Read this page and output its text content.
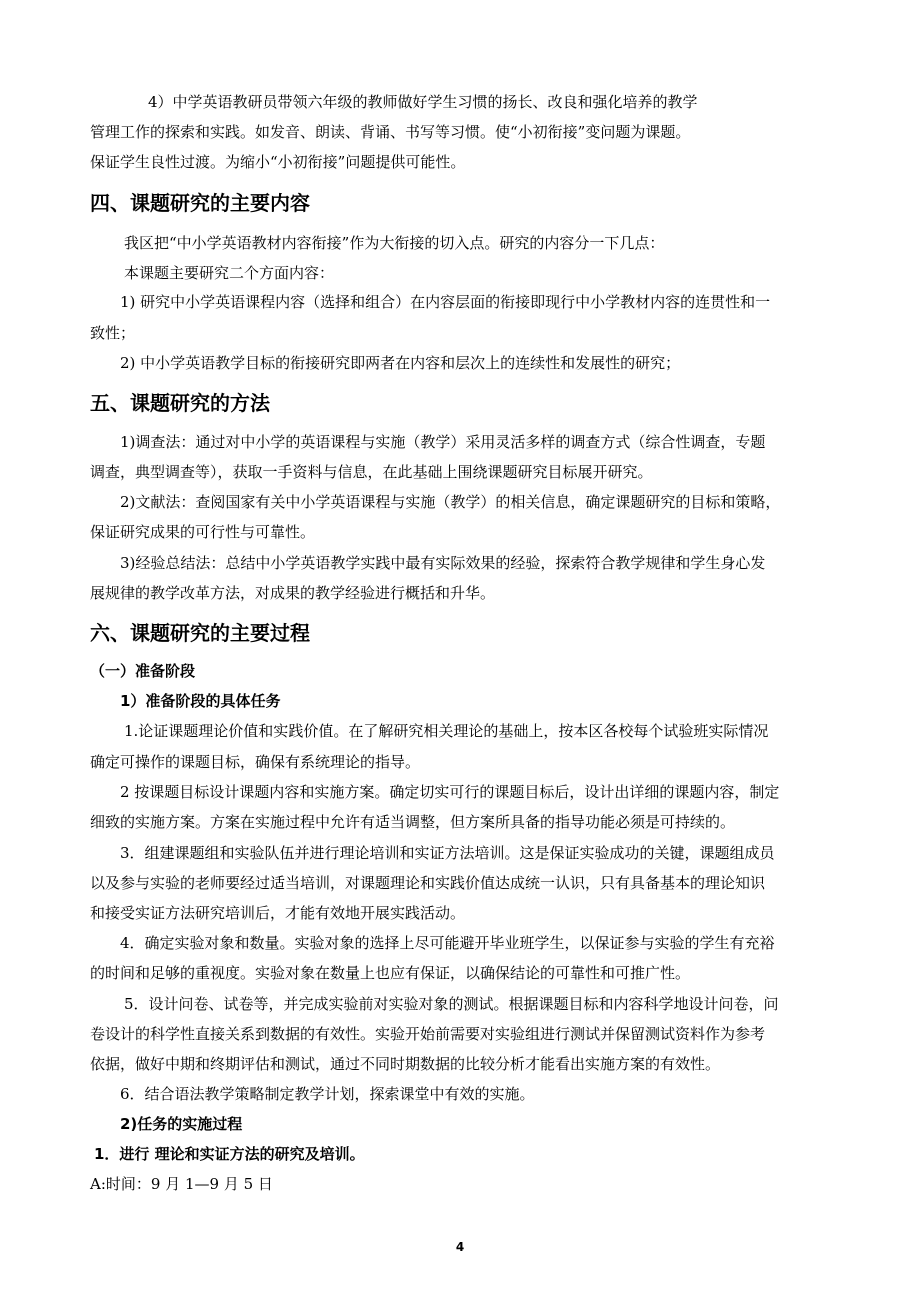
4）中学英语教研员带领六年级的教师做好学生习惯的扬长、改良和强化培养的教学
管理工作的探索和实践。如发音、朗读、背诵、书写等习惯。使“小初衔接”变问题为课题。
保证学生良性过渡。为缩小“小初衔接”问题提供可能性。
四、课题研究的主要内容
我区把“中小学英语教材内容衔接”作为大衔接的切入点。研究的内容分一下几点：
本课题主要研究二个方面内容：
1) 研究中小学英语课程内容（选择和组合）在内容层面的衔接即现行中小学教材内容的连贯性和一
致性；
2) 中小学英语教学目标的衔接研究即两者在内容和层次上的连续性和发展性的研究；
五、课题研究的方法
1)调查法：通过对中小学的英语课程与实施（教学）采用灵活多样的调查方式（综合性调查，专题
调查，典型调查等），获取一手资料与信息，在此基础上围绕课题研究目标展开研究。
2)文献法：查阅国家有关中小学英语课程与实施（教学）的相关信息，确定课题研究的目标和策略，
保证研究成果的可行性与可靠性。
3)经验总结法：总结中小学英语教学实践中最有实际效果的经验，探索符合教学规律和学生身心发
展规律的教学改革方法，对成果的教学经验进行概括和升华。
六、课题研究的主要过程
（一）准备阶段
1）准备阶段的具体任务
1.论证课题理论价值和实践价值。在了解研究相关理论的基础上，按本区各校每个试验班实际情况
确定可操作的课题目标，确保有系统理论的指导。
2 按课题目标设计课题内容和实施方案。确定切实可行的课题目标后，设计出详细的课题内容，制定
细致的实施方案。方案在实施过程中允许有适当调整，但方案所具备的指导功能必须是可持续的。
3．组建课题组和实验队伍并进行理论培训和实证方法培训。这是保证实验成功的关键，课题组成员
以及参与实验的老师要经过适当培训，对课题理论和实践价值达成统一认识，只有具备基本的理论知识
和接受实证方法研究培训后，才能有效地开展实践活动。
4．确定实验对象和数量。实验对象的选择上尽可能避开毕业班学生，以保证参与实验的学生有充裕
的时间和足够的重视度。实验对象在数量上也应有保证，以确保结论的可靠性和可推广性。
5．设计问卷、试卷等，并完成实验前对实验对象的测试。根据课题目标和内容科学地设计问卷，问
卷设计的科学性直接关系到数据的有效性。实验开始前需要对实验组进行测试并保留测试资料作为参考
依据，做好中期和终期评估和测试，通过不同时期数据的比较分析才能看出实施方案的有效性。
6．结合语法教学策略制定教学计划，探索课堂中有效的实施。
2)任务的实施过程
1．进行 理论和实证方法的研究及培训。
A:时间：9 月 1—9 月 5 日
4
